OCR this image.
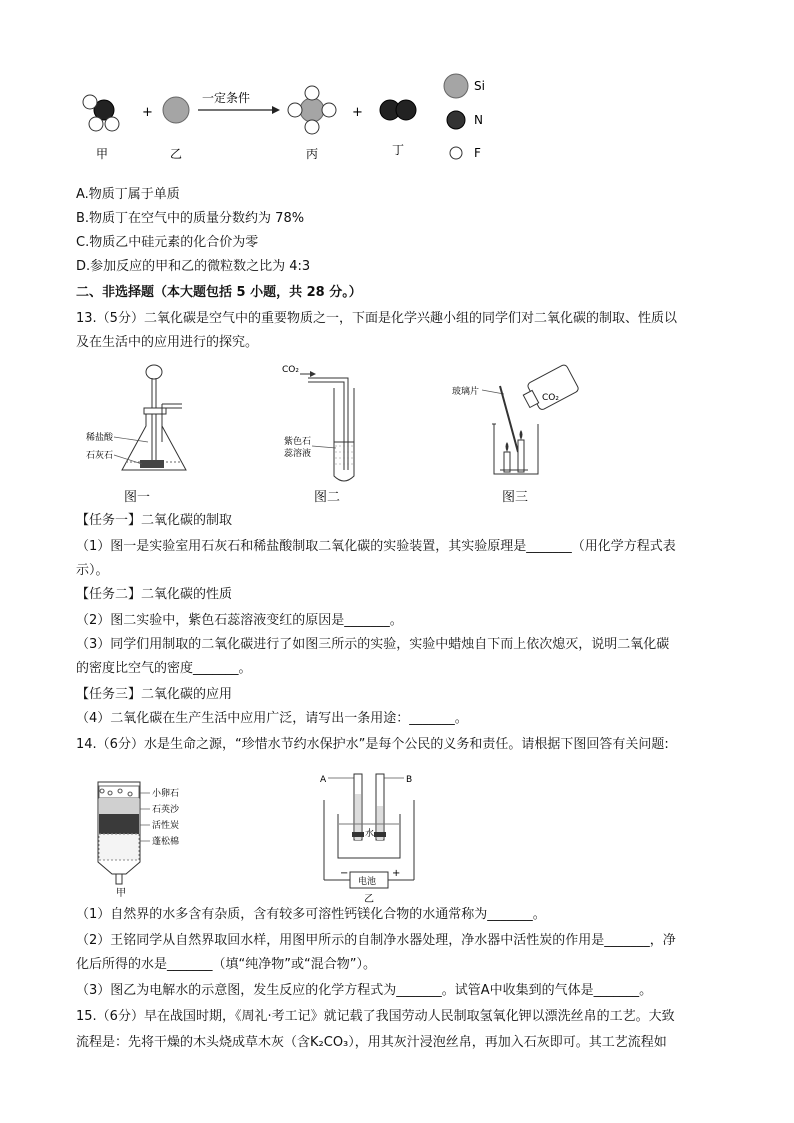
+
一定条件
+
甲	乙	丙	丁
Si
N
F
A.物质丁属于单质
B.物质丁在空气中的质量分数约为 78%
C.物质乙中硅元素的化合价为零
D.参加反应的甲和乙的微粒数之比为 4:3
二、非选择题（本大题包括 5 小题，共 28 分。）
13.（5分）二氧化碳是空气中的重要物质之一，下面是化学兴趣小组的同学们对二氧化碳的制取、性质以
及在生活中的应用进行的探究。
稀盐酸
石灰石
图一
CO₂
紫色石
蕊溶液
图二
玻璃片
CO₂
图三
【任务一】二氧化碳的制取
（1）图一是实验室用石灰石和稀盐酸制取二氧化碳的实验装置，其实验原理是_______（用化学方程式表
示）。
【任务二】二氧化碳的性质
（2）图二实验中，紫色石蕊溶液变红的原因是_______。
（3）同学们用制取的二氧化碳进行了如图三所示的实验，实验中蜡烛自下而上依次熄灭，说明二氧化碳
的密度比空气的密度_______。
【任务三】二氧化碳的应用
（4）二氧化碳在生产生活中应用广泛，请写出一条用途：_______。
14.（6分）水是生命之源，“珍惜水节约水保护水”是每个公民的义务和责任。请根据下图回答有关问题:
小卵石
石英沙
活性炭
蓬松棉
甲
A	B
水
电池
−	+
乙
（1）自然界的水多含有杂质，含有较多可溶性钙镁化合物的水通常称为_______。
（2）王铭同学从自然界取回水样，用图甲所示的自制净水器处理，净水器中活性炭的作用是_______，净
化后所得的水是_______（填“纯净物”或“混合物”）。
（3）图乙为电解水的示意图，发生反应的化学方程式为_______。试管A中收集到的气体是_______。
15.（6分）早在战国时期，《周礼·考工记》就记载了我国劳动人民制取氢氧化钾以漂洗丝帛的工艺。大致
流程是：先将干燥的木头烧成草木灰（含K₂CO₃），用其灰汁浸泡丝帛，再加入石灰即可。其工艺流程如
